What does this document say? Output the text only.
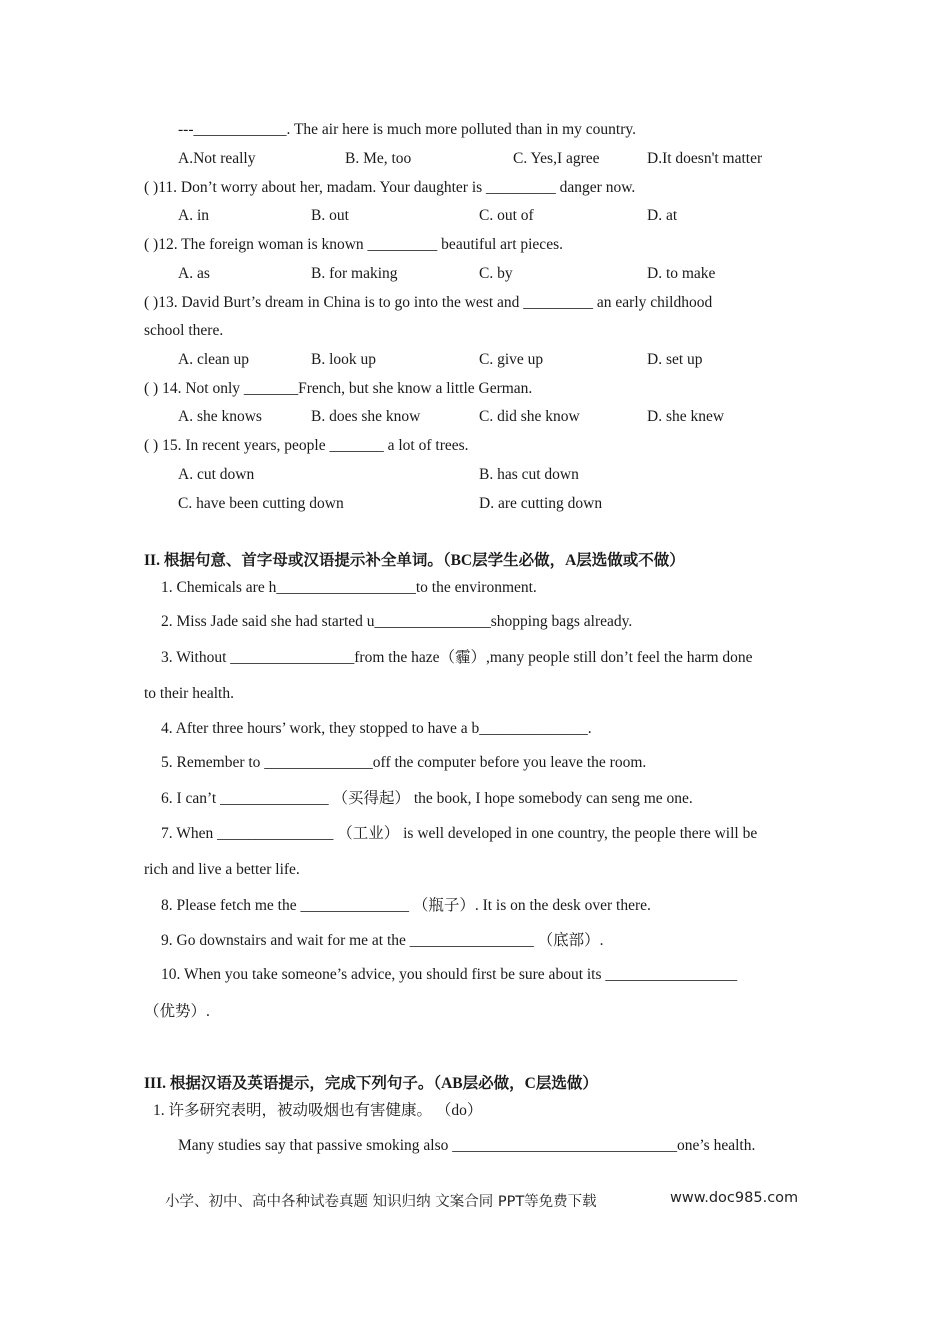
---____________. The air here is much more polluted than in my country.
A.Not really	B. Me, too	C. Yes,I agree	D.It doesn't matter
( )11. Don’t worry about her, madam. Your daughter is _________ danger now.
A. in	B. out	C. out of	D. at
( )12. The foreign woman is known _________ beautiful art pieces.
A. as	B. for making	C. by	D. to make
( )13. David Burt’s dream in China is to go into the west and _________ an early childhood
school there.
A. clean up	B. look up	C. give up	D. set up
( ) 14. Not only _______French, but she know a little German.
A. she knows	B. does she know	C. did she know	D. she knew
( ) 15. In recent years, people _______ a lot of trees.
A. cut down	B. has cut down
C. have been cutting down	D. are cutting down
II. 根据句意、首字母或汉语提示补全单词。（BC层学生必做，A层选做或不做）
1. Chemicals are h__________________to the environment.
2. Miss Jade said she had started u_______________shopping bags already.
3. Without ________________from the haze（霾）,many people still don’t feel the harm done
to their health.
4. After three hours’ work, they stopped to have a b______________.
5. Remember to ______________off the computer before you leave the room.
6. I can’t ______________ （买得起） the book, I hope somebody can seng me one.
7. When _______________ （工业） is well developed in one country, the people there will be
rich and live a better life.
8. Please fetch me the ______________ （瓶子）. It is on the desk over there.
9. Go downstairs and wait for me at the ________________ （底部）.
10. When you take someone’s advice, you should first be sure about its _________________
（优势）.
III. 根据汉语及英语提示，完成下列句子。（AB层必做，C层选做）
1. 许多研究表明，被动吸烟也有害健康。 （do）
Many studies say that passive smoking also _____________________________one’s health.
小学、初中、高中各种试卷真题 知识归纳 文案合同 PPT等免费下载	www.doc985.com
